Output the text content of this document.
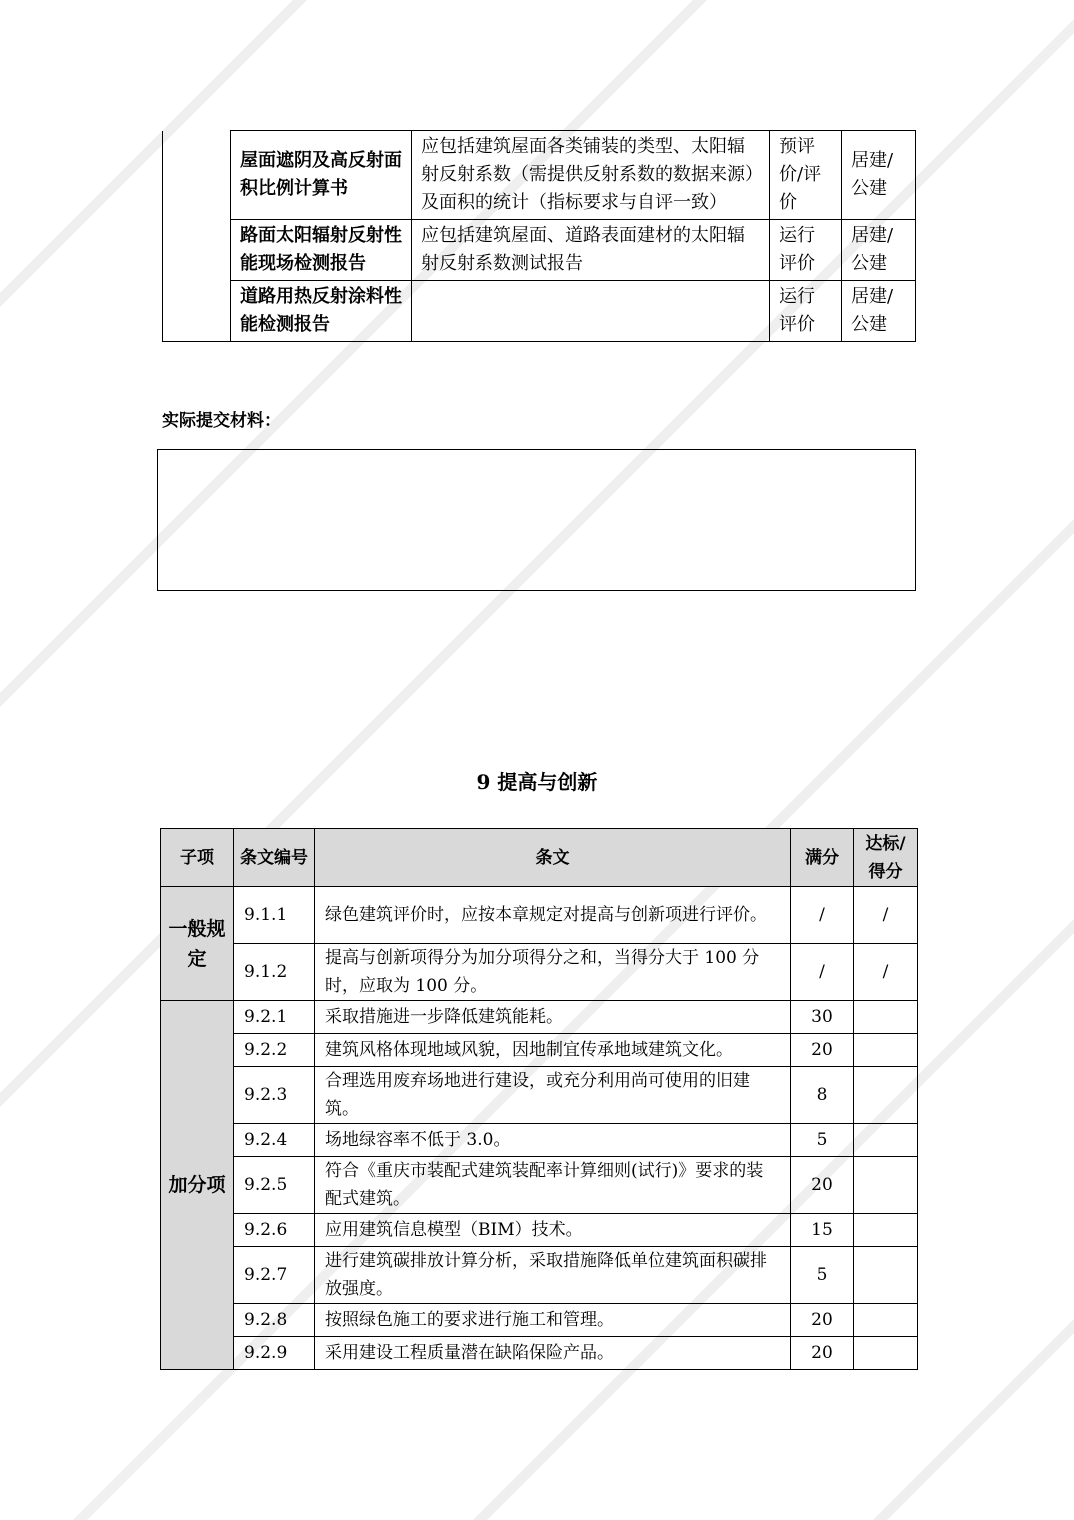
	屋面遮阴及高反射面积比例计算书	应包括建筑屋面各类铺装的类型、太阳辐射反射系数（需提供反射系数的数据来源）及面积的统计（指标要求与自评一致）	预评价/评价	居建/公建
	路面太阳辐射反射性能现场检测报告	应包括建筑屋面、道路表面建材的太阳辐射反射系数测试报告	运行评价	居建/公建
	道路用热反射涂料性能检测报告		运行评价	居建/公建
实际提交材料：
9 提高与创新
子项	条文编号	条文	满分	达标/得分
一般规定	9.1.1	绿色建筑评价时，应按本章规定对提高与创新项进行评价。	/	/
	9.1.2	提高与创新项得分为加分项得分之和，当得分大于 100 分时，应取为 100 分。	/	/
加分项	9.2.1	采取措施进一步降低建筑能耗。	30	
	9.2.2	建筑风格体现地域风貌，因地制宜传承地域建筑文化。	20	
	9.2.3	合理选用废弃场地进行建设，或充分利用尚可使用的旧建筑。	8	
	9.2.4	场地绿容率不低于 3.0。	5	
	9.2.5	符合《重庆市装配式建筑装配率计算细则(试行)》要求的装配式建筑。	20	
	9.2.6	应用建筑信息模型（BIM）技术。	15	
	9.2.7	进行建筑碳排放计算分析，采取措施降低单位建筑面积碳排放强度。	5	
	9.2.8	按照绿色施工的要求进行施工和管理。	20	
	9.2.9	采用建设工程质量潜在缺陷保险产品。	20	
